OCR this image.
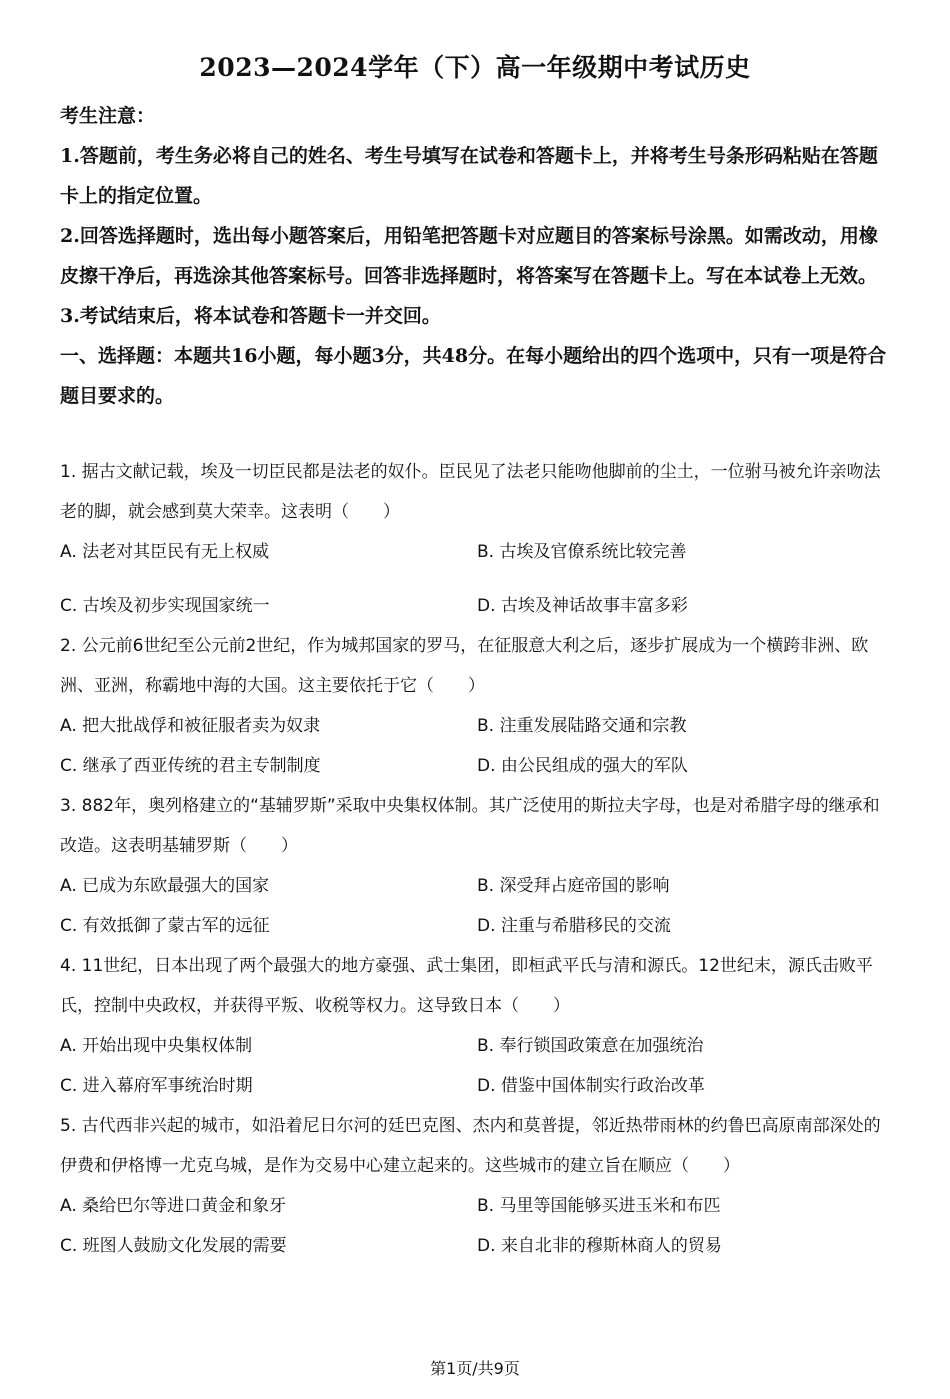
2023—2024学年（下）高一年级期中考试历史

考生注意：

1.答题前，考生务必将自己的姓名、考生号填写在试卷和答题卡上，并将考生号条形码粘贴在答题卡上的指定位置。

2.回答选择题时，选出每小题答案后，用铅笔把答题卡对应题目的答案标号涂黑。如需改动，用橡皮擦干净后，再选涂其他答案标号。回答非选择题时，将答案写在答题卡上。写在本试卷上无效。

3.考试结束后，将本试卷和答题卡一并交回。

一、选择题：本题共16小题，每小题3分，共48分。在每小题给出的四个选项中，只有一项是符合题目要求的。

1. 据古文献记载，埃及一切臣民都是法老的奴仆。臣民见了法老只能吻他脚前的尘土，一位驸马被允许亲吻法老的脚，就会感到莫大荣幸。这表明（　　）

A. 法老对其臣民有无上权威	B. 古埃及官僚系统比较完善
C. 古埃及初步实现国家统一	D. 古埃及神话故事丰富多彩

2. 公元前6世纪至公元前2世纪，作为城邦国家的罗马，在征服意大利之后，逐步扩展成为一个横跨非洲、欧洲、亚洲，称霸地中海的大国。这主要依托于它（　　）

A. 把大批战俘和被征服者卖为奴隶	B. 注重发展陆路交通和宗教
C. 继承了西亚传统的君主专制制度	D. 由公民组成的强大的军队

3. 882年，奥列格建立的“基辅罗斯”采取中央集权体制。其广泛使用的斯拉夫字母，也是对希腊字母的继承和改造。这表明基辅罗斯（　　）

A. 已成为东欧最强大的国家	B. 深受拜占庭帝国的影响
C. 有效抵御了蒙古军的远征	D. 注重与希腊移民的交流

4. 11世纪，日本出现了两个最强大的地方豪强、武士集团，即桓武平氏与清和源氏。12世纪末，源氏击败平氏，控制中央政权，并获得平叛、收税等权力。这导致日本（　　）

A. 开始出现中央集权体制	B. 奉行锁国政策意在加强统治
C. 进入幕府军事统治时期	D. 借鉴中国体制实行政治改革

5. 古代西非兴起的城市，如沿着尼日尔河的廷巴克图、杰内和莫普提，邻近热带雨林的约鲁巴高原南部深处的伊费和伊格博一尤克乌城，是作为交易中心建立起来的。这些城市的建立旨在顺应（　　）

A. 桑给巴尔等进口黄金和象牙	B. 马里等国能够买进玉米和布匹
C. 班图人鼓励文化发展的需要	D. 来自北非的穆斯林商人的贸易
第1页/共9页
